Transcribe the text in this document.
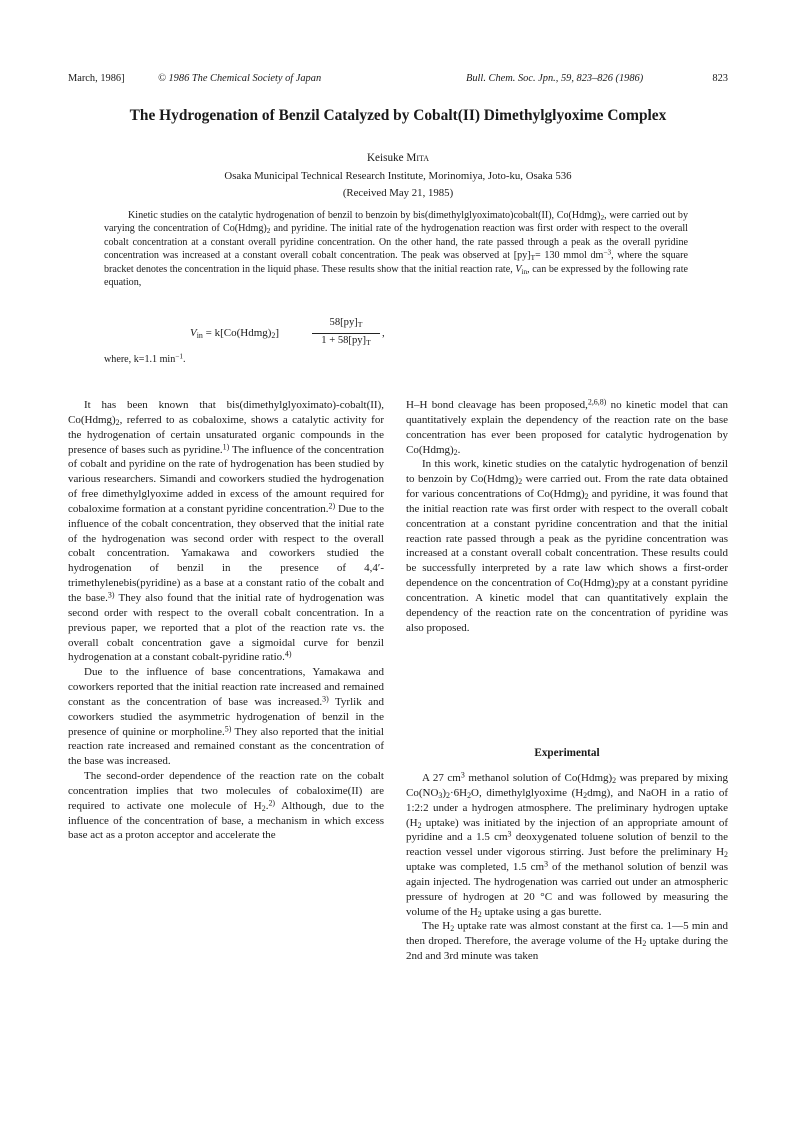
March, 1986]	© 1986 The Chemical Society of Japan	Bull. Chem. Soc. Jpn., 59, 823–826 (1986)	823
The Hydrogenation of Benzil Catalyzed by Cobalt(II) Dimethylglyoxime Complex
Keisuke Mita
Osaka Municipal Technical Research Institute, Morinomiya, Joto-ku, Osaka 536
(Received May 21, 1985)

Kinetic studies on the catalytic hydrogenation of benzil to benzoin by bis(dimethylglyoximato)cobalt(II), $Co(Hdmg)_2$, were carried out by varying the concentration of $Co(Hdmg)_2$ and pyridine. The initial rate of the hydrogenation reaction was first order with respect to the overall cobalt concentration at a constant overall pyridine concentration. On the other hand, the rate passed through a peak as the overall pyridine concentration was increased at a constant overall cobalt concentration. The peak was observed at $[py]_T= 130$ mmol $dm^{-3}$, where the square bracket denotes the concentration in the liquid phase. These results show that the initial reaction rate, $V_{in}$, can be expressed by the following rate equation,

$V_{in}$ = $k[Co(Hdmg)_2]$
$58[py]_T$
$1 + 58[py]_T$
,
where, k=1.1 $\min^{-1}$.

It has been known that bis(dimethylglyoximato)-cobalt(II), $Co(Hdmg)_2$, referred to as cobaloxime, shows a catalytic activity for the hydrogenation of certain unsaturated organic compounds in the presence of bases such as pyridine.$^{1)}$ The influence of the concentration of cobalt and pyridine on the rate of hydrogenation has been studied by various researchers. Simandi and coworkers studied the hydrogenation of free dimethylglyoxime added in excess of the amount required for cobaloxime formation at a constant pyridine concentration.$^{2)}$ Due to the influence of the cobalt concentration, they observed that the initial rate of the hydrogenation was second order with respect to the overall cobalt concentration. Yamakawa and coworkers studied the hydrogenation of benzil in the presence of 4,4′-trimethylenebis(pyridine) as a base at a constant ratio of the cobalt and the base.$^{3)}$ They also found that the initial rate of hydrogenation was second order with respect to the overall cobalt concentration. In a previous paper, we reported that a plot of the reaction rate vs. the overall cobalt concentration gave a sigmoidal curve for benzil hydrogenation at a constant cobalt-pyridine ratio.$^{4)}$

Due to the influence of base concentrations, Yamakawa and coworkers reported that the initial reaction rate increased and remained constant as the concentration of base was increased.$^{3)}$ Tyrlik and coworkers studied the asymmetric hydrogenation of benzil in the presence of quinine or morpholine.$^{5)}$ They also reported that the initial reaction rate increased and remained constant as the concentration of the base was increased.

The second-order dependence of the reaction rate on the cobalt concentration implies that two molecules of cobaloxime(II) are required to activate one molecule of $H_2.^{2)}$ Although, due to the influence of the concentration of base, a mechanism in which excess base act as a proton acceptor and accelerate the

H–H bond cleavage has been proposed,$^{2,6,8)}$ no kinetic model that can quantitatively explain the dependency of the reaction rate on the base concentration has ever been proposed for catalytic hydrogenation by $Co(Hdmg)_2$.

In this work, kinetic studies on the catalytic hydrogenation of benzil to benzoin by $Co(Hdmg)_2$ were carried out. From the rate data obtained for various concentrations of $Co(Hdmg)_2$ and pyridine, it was found that the initial reaction rate was first order with respect to the overall cobalt concentration at a constant pyridine concentration and that the initial reaction rate passed through a peak as the pyridine concentration was increased at a constant overall cobalt concentration. These results could be successfully interpreted by a rate law which shows a first-order dependence on the concentration of $Co(Hdmg)_2py$ at a constant pyridine concentration. A kinetic model that can quantitatively explain the dependency of the reaction rate on the concentration of pyridine was also proposed.

Experimental

A 27 $cm^3$ methanol solution of $Co(Hdmg)_2$ was prepared by mixing $Co(NO_3)_2\cdot 6H_2O$, dimethylglyoxime $(H_2dmg)$, and NaOH in a ratio of 1:2:2 under a hydrogen atmosphere. The preliminary hydrogen uptake ($H_2$ uptake) was initiated by the injection of an appropriate amount of pyridine and a 1.5 $cm^3$ deoxygenated toluene solution of benzil to the reaction vessel under vigorous stirring. Just before the preliminary $H_2$ uptake was completed, 1.5 $cm^3$ of the methanol solution of benzil was again injected. The hydrogenation was carried out under an atmospheric pressure of hydrogen at 20 °C and was followed by measuring the volume of the $H_2$ uptake using a gas burette.

The $H_2$ uptake rate was almost constant at the first ca. 1—5 min and then droped. Therefore, the average volume of the $H_2$ uptake during the 2nd and 3rd minute was taken
